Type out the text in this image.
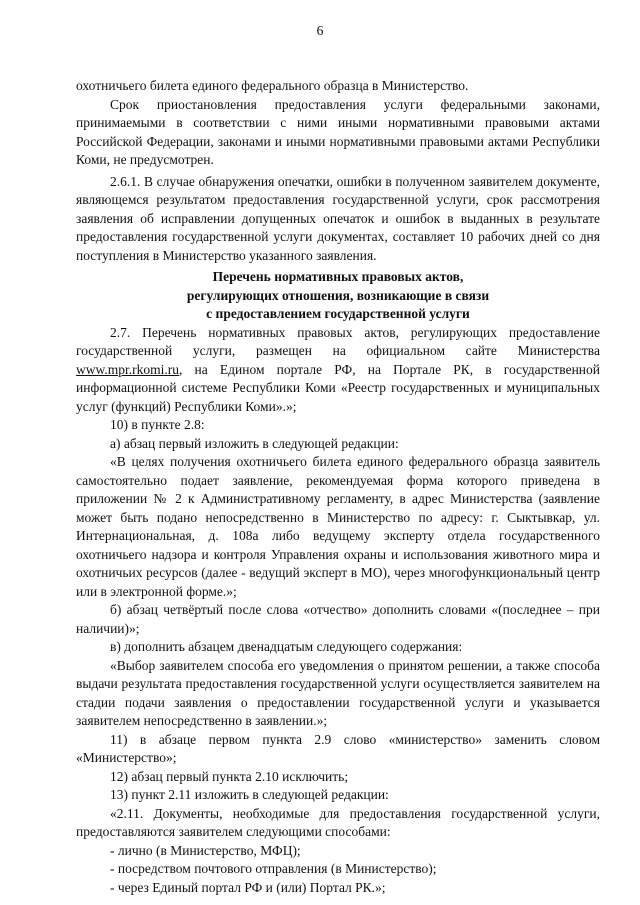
6

охотничьего билета единого федерального образца в Министерство.

Срок приостановления предоставления услуги федеральными законами, принимаемыми в соответствии с ними иными нормативными правовыми актами Российской Федерации, законами и иными нормативными правовыми актами Республики Коми, не предусмотрен.

2.6.1. В случае обнаружения опечатки, ошибки в полученном заявителем документе, являющемся результатом предоставления государственной услуги, срок рассмотрения заявления об исправлении допущенных опечаток и ошибок в выданных в результате предоставления государственной услуги документах, составляет 10 рабочих дней со дня поступления в Министерство указанного заявления.

Перечень нормативных правовых актов,

регулирующих отношения, возникающие в связи

с предоставлением государственной услуги

2.7. Перечень нормативных правовых актов, регулирующих предоставление государственной услуги, размещен на официальном сайте Министерства www.mpr.rkomi.ru, на Едином портале РФ, на Портале РК, в государственной информационной системе Республики Коми «Реестр государственных и муниципальных услуг (функций) Республики Коми».»;

10) в пункте 2.8:

а) абзац первый изложить в следующей редакции:

«В целях получения охотничьего билета единого федерального образца заявитель самостоятельно подает заявление, рекомендуемая форма которого приведена в приложении № 2 к Административному регламенту, в адрес Министерства (заявление может быть подано непосредственно в Министерство по адресу: г. Сыктывкар, ул. Интернациональная, д. 108а либо ведущему эксперту отдела государственного охотничьего надзора и контроля Управления охраны и использования животного мира и охотничьих ресурсов (далее - ведущий эксперт в МО), через многофункциональный центр или в электронной форме.»;

б) абзац четвёртый после слова «отчество» дополнить словами «(последнее – при наличии)»;

в) дополнить абзацем двенадцатым следующего содержания:

«Выбор заявителем способа его уведомления о принятом решении, а также способа выдачи результата предоставления государственной услуги осуществляется заявителем на стадии подачи заявления о предоставлении государственной услуги и указывается заявителем непосредственно в заявлении.»;

11) в абзаце первом пункта 2.9 слово «министерство» заменить словом «Министерство»;

12) абзац первый пункта 2.10 исключить;

13) пункт 2.11 изложить в следующей редакции:

«2.11. Документы, необходимые для предоставления государственной услуги, предоставляются заявителем следующими способами:

- лично (в Министерство, МФЦ);

- посредством почтового отправления (в Министерство);

- через Единый портал РФ и (или) Портал РК.»;
